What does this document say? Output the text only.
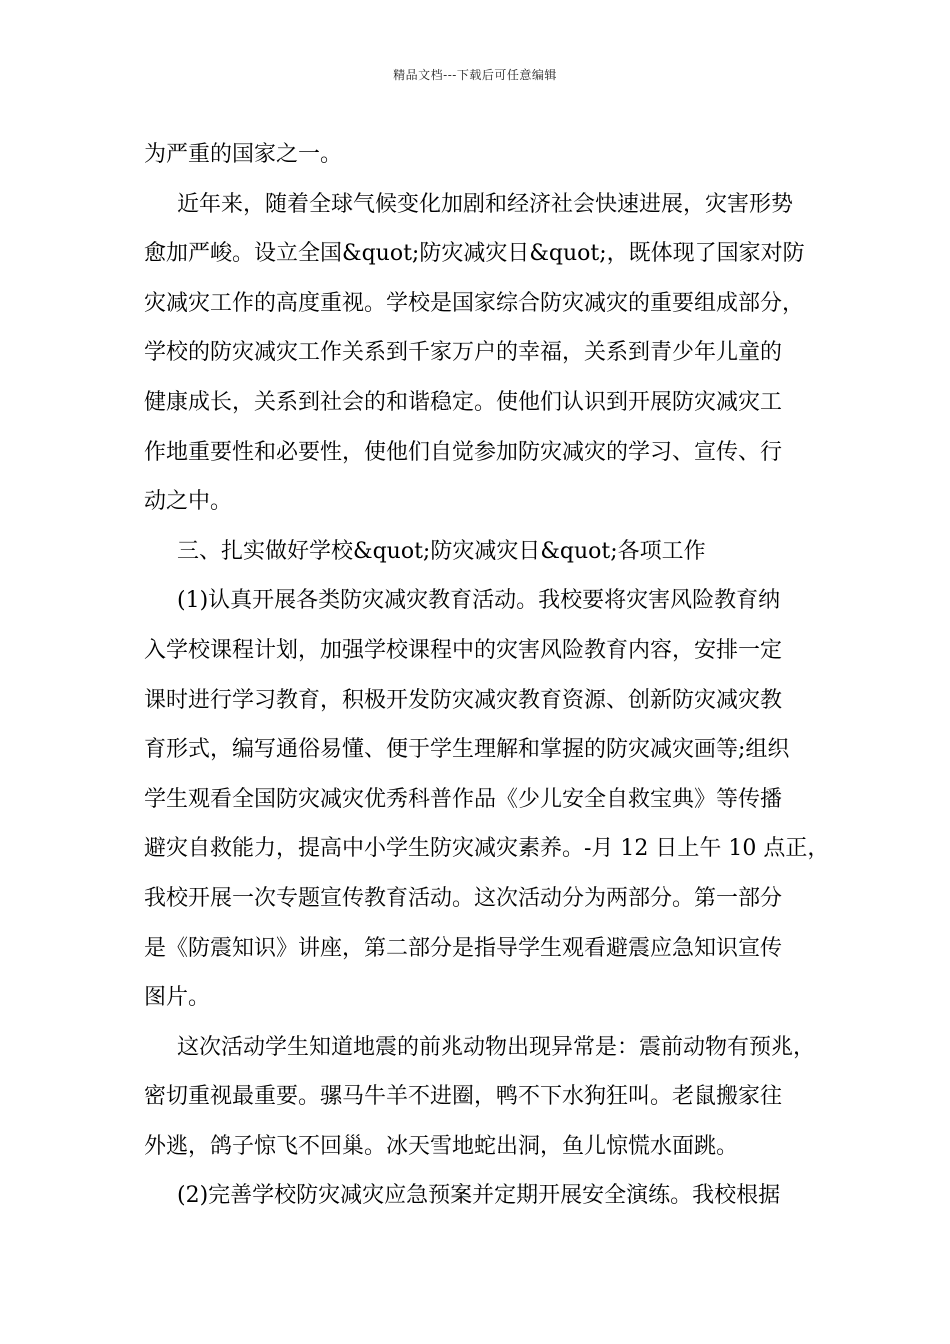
精品文档---下载后可任意编辑
为严重的国家之一。
近年来，随着全球气候变化加剧和经济社会快速进展，灾害形势
愈加严峻。设立全国&quot;防灾减灾日&quot;，既体现了国家对防
灾减灾工作的高度重视。学校是国家综合防灾减灾的重要组成部分，
学校的防灾减灾工作关系到千家万户的幸福，关系到青少年儿童的
健康成长，关系到社会的和谐稳定。使他们认识到开展防灾减灾工
作地重要性和必要性，使他们自觉参加防灾减灾的学习、宣传、行
动之中。
三、扎实做好学校&quot;防灾减灾日&quot;各项工作
(1)认真开展各类防灾减灾教育活动。我校要将灾害风险教育纳
入学校课程计划，加强学校课程中的灾害风险教育内容，安排一定
课时进行学习教育，积极开发防灾减灾教育资源、创新防灾减灾教
育形式，编写通俗易懂、便于学生理解和掌握的防灾减灾画等;组织
学生观看全国防灾减灾优秀科普作品《少儿安全自救宝典》等传播
避灾自救能力，提高中小学生防灾减灾素养。-月 12 日上午 10 点正，
我校开展一次专题宣传教育活动。这次活动分为两部分。第一部分
是《防震知识》讲座，第二部分是指导学生观看避震应急知识宣传
图片。
这次活动学生知道地震的前兆动物出现异常是：震前动物有预兆，
密切重视最重要。骡马牛羊不进圈，鸭不下水狗狂叫。老鼠搬家往
外逃，鸽子惊飞不回巢。冰天雪地蛇出洞，鱼儿惊慌水面跳。
(2)完善学校防灾减灾应急预案并定期开展安全演练。我校根据
